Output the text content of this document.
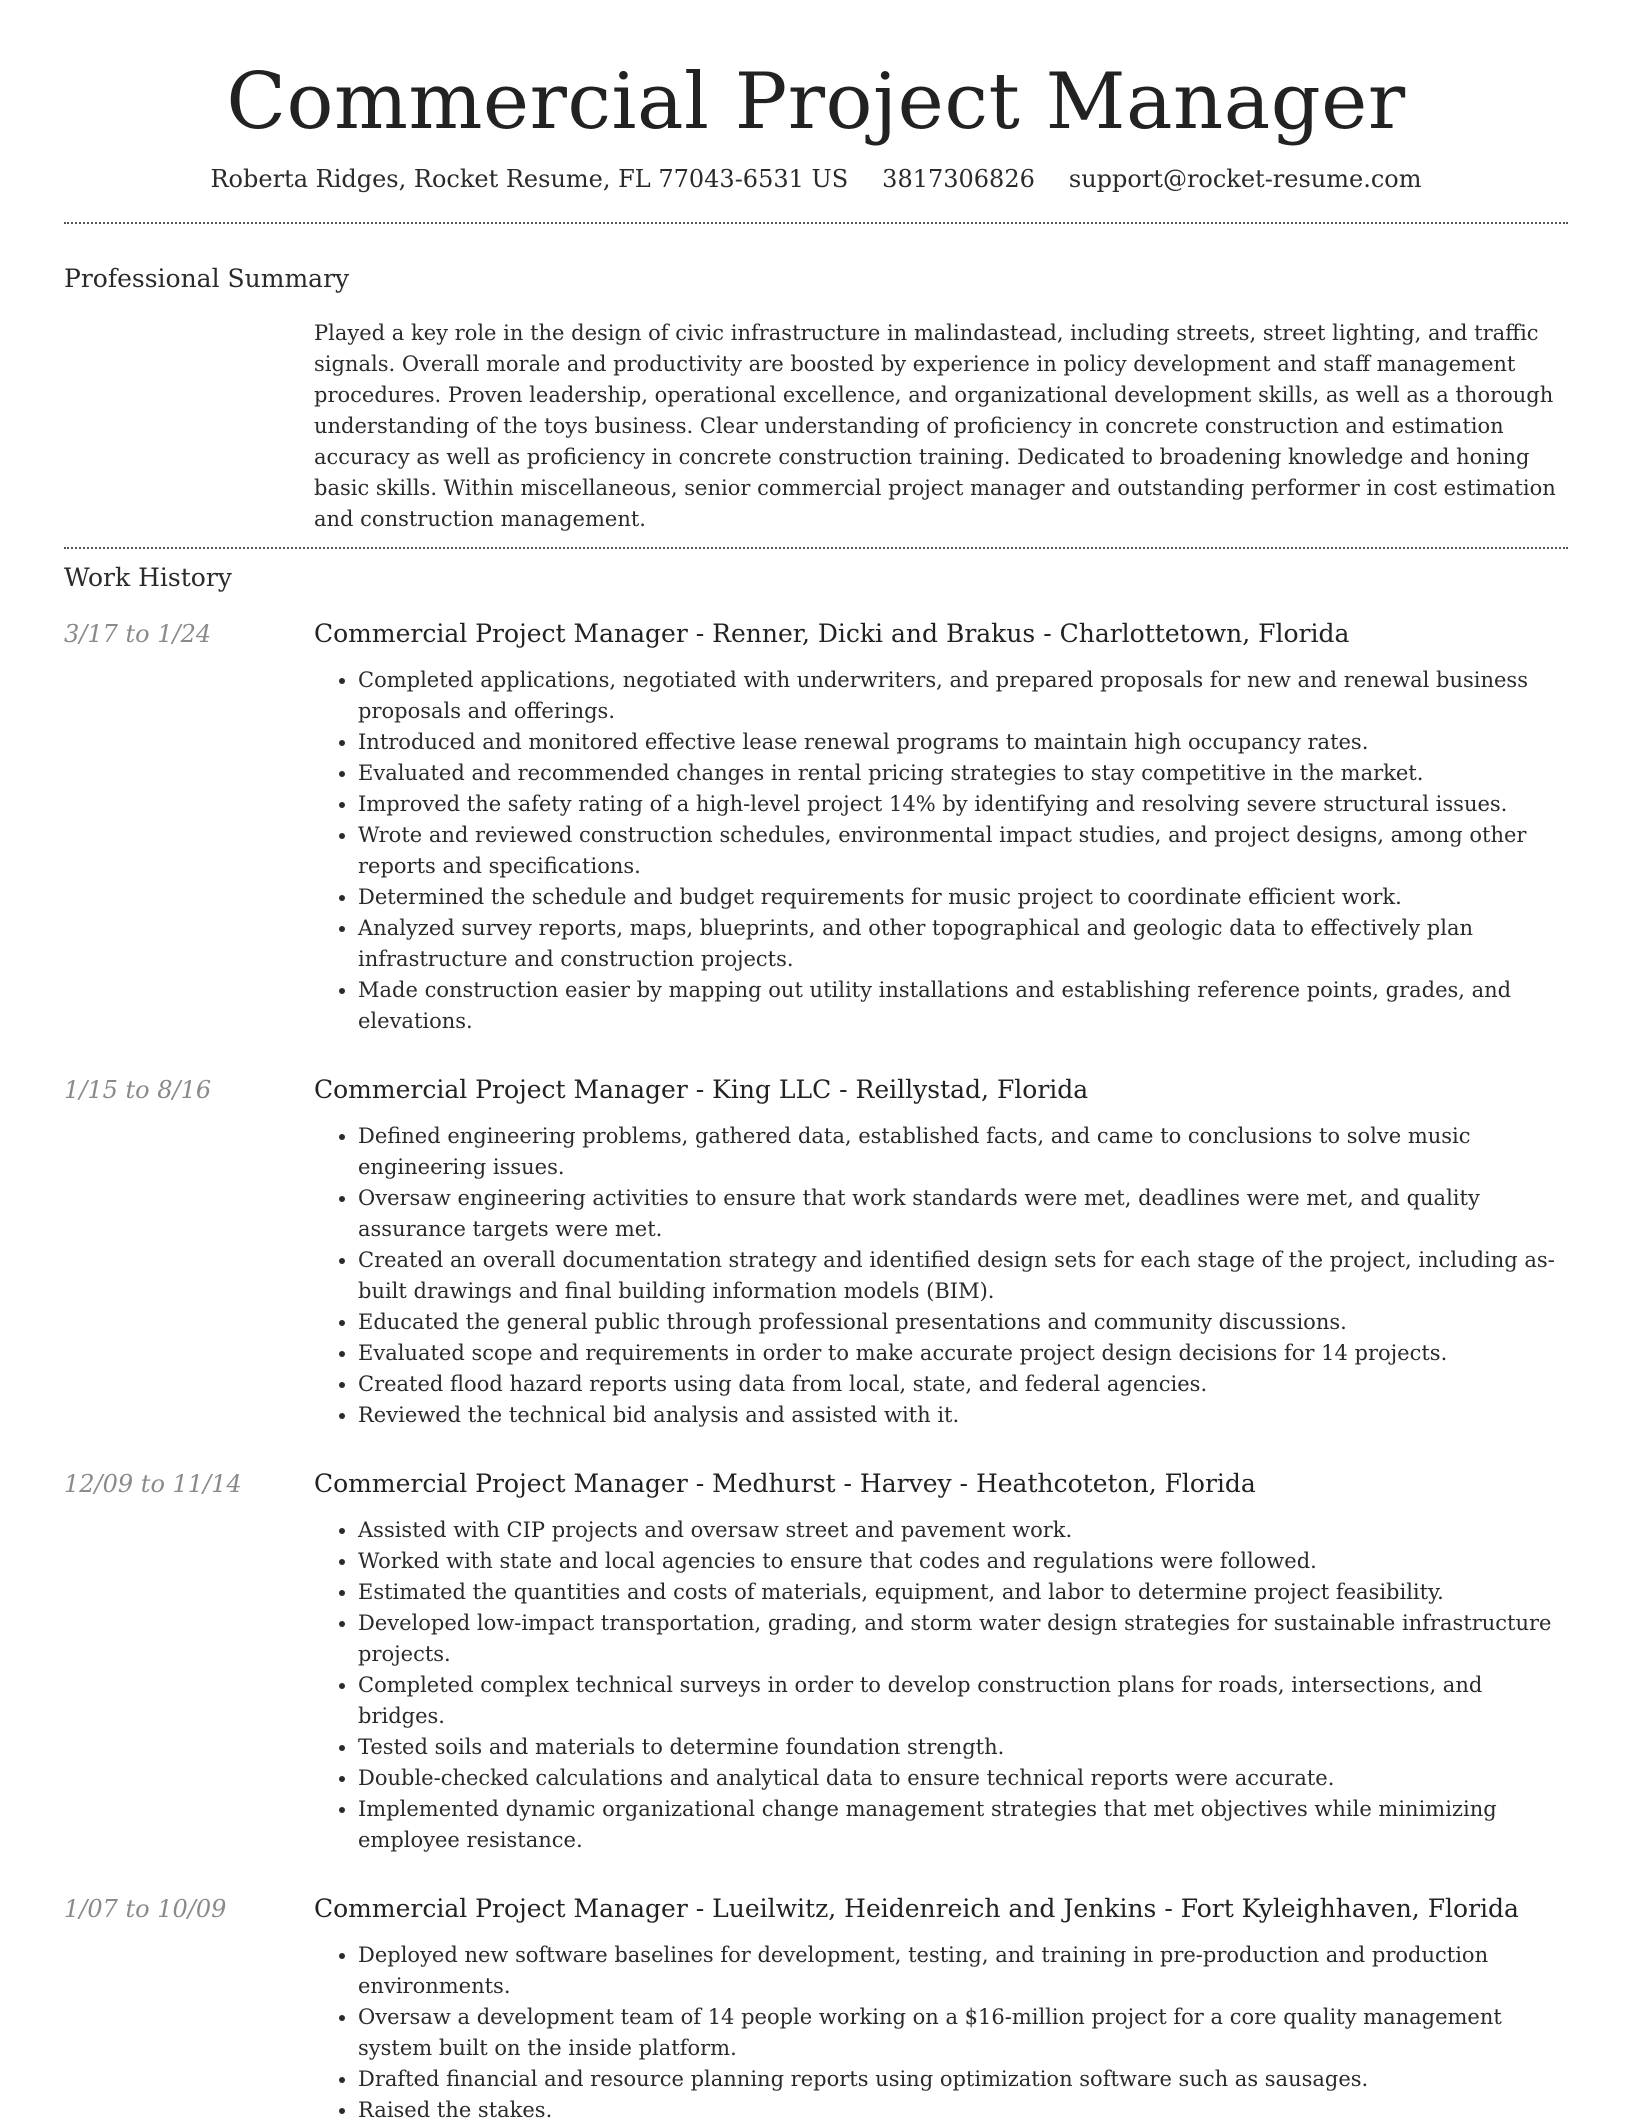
Commercial Project Manager
Roberta Ridges, Rocket Resume, FL 77043-6531 US 3817306826 support@rocket-resume.com
Professional Summary

Played a key role in the design of civic infrastructure in malindastead, including streets, street lighting, and traffic signals. Overall morale and productivity are boosted by experience in policy development and staff management procedures. Proven leadership, operational excellence, and organizational development skills, as well as a thorough understanding of the toys business. Clear understanding of proficiency in concrete construction and estimation accuracy as well as proficiency in concrete construction training. Dedicated to broadening knowledge and honing basic skills. Within miscellaneous, senior commercial project manager and outstanding performer in cost estimation and construction management.

Work History
3/17 to 1/24	Commercial Project Manager - Renner, Dicki and Brakus - Charlottetown, Florida
• Completed applications, negotiated with underwriters, and prepared proposals for new and renewal business proposals and offerings.
• Introduced and monitored effective lease renewal programs to maintain high occupancy rates.
• Evaluated and recommended changes in rental pricing strategies to stay competitive in the market.
• Improved the safety rating of a high-level project 14% by identifying and resolving severe structural issues.
• Wrote and reviewed construction schedules, environmental impact studies, and project designs, among other reports and specifications.
• Determined the schedule and budget requirements for music project to coordinate efficient work.
• Analyzed survey reports, maps, blueprints, and other topographical and geologic data to effectively plan infrastructure and construction projects.
• Made construction easier by mapping out utility installations and establishing reference points, grades, and elevations.
1/15 to 8/16	Commercial Project Manager - King LLC - Reillystad, Florida
• Defined engineering problems, gathered data, established facts, and came to conclusions to solve music engineering issues.
• Oversaw engineering activities to ensure that work standards were met, deadlines were met, and quality assurance targets were met.
• Created an overall documentation strategy and identified design sets for each stage of the project, including as-built drawings and final building information models (BIM).
• Educated the general public through professional presentations and community discussions.
• Evaluated scope and requirements in order to make accurate project design decisions for 14 projects.
• Created flood hazard reports using data from local, state, and federal agencies.
• Reviewed the technical bid analysis and assisted with it.
12/09 to 11/14	Commercial Project Manager - Medhurst - Harvey - Heathcoteton, Florida
• Assisted with CIP projects and oversaw street and pavement work.
• Worked with state and local agencies to ensure that codes and regulations were followed.
• Estimated the quantities and costs of materials, equipment, and labor to determine project feasibility.
• Developed low-impact transportation, grading, and storm water design strategies for sustainable infrastructure projects.
• Completed complex technical surveys in order to develop construction plans for roads, intersections, and bridges.
• Tested soils and materials to determine foundation strength.
• Double-checked calculations and analytical data to ensure technical reports were accurate.
• Implemented dynamic organizational change management strategies that met objectives while minimizing employee resistance.
1/07 to 10/09	Commercial Project Manager - Lueilwitz, Heidenreich and Jenkins - Fort Kyleighhaven, Florida
• Deployed new software baselines for development, testing, and training in pre-production and production environments.
• Oversaw a development team of 14 people working on a $16-million project for a core quality management system built on the inside platform.
• Drafted financial and resource planning reports using optimization software such as sausages.
• Raised the stakes.
